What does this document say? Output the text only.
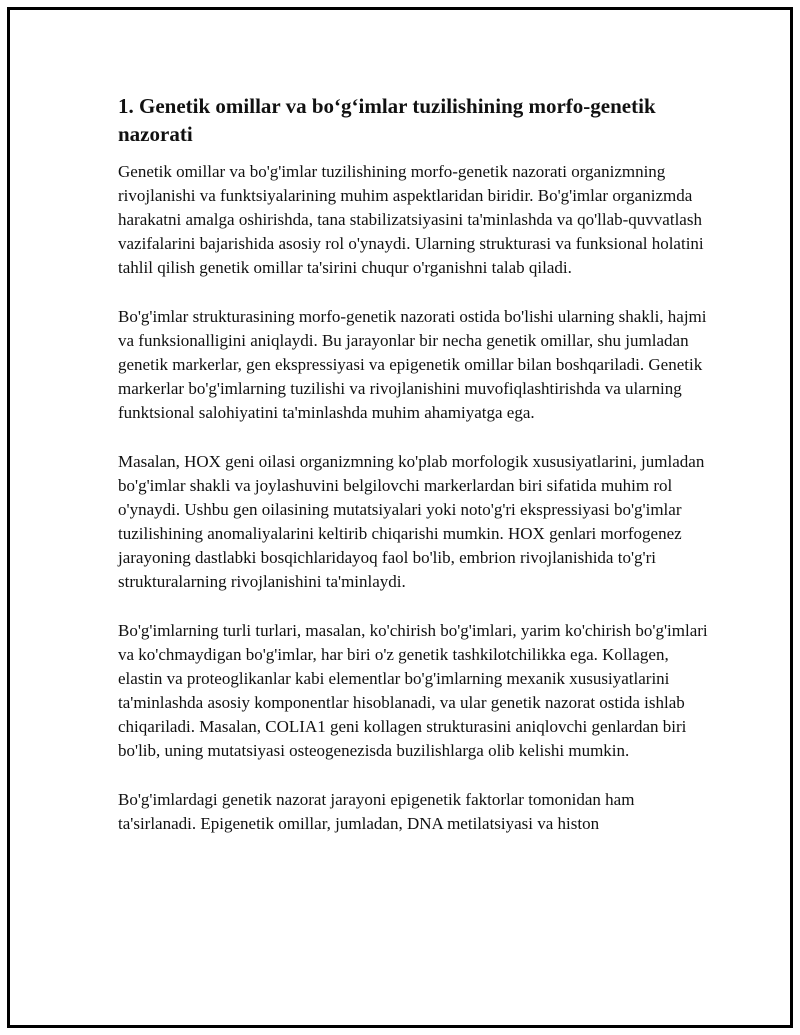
1. Genetik omillar va bo‘g‘imlar tuzilishining morfo-genetik nazorati

Genetik omillar va bo'g'imlar tuzilishining morfo-genetik nazorati organizmning rivojlanishi va funktsiyalarining muhim aspektlaridan biridir. Bo'g'imlar organizmda harakatni amalga oshirishda, tana stabilizatsiyasini ta'minlashda va qo'llab-quvvatlash vazifalarini bajarishida asosiy rol o'ynaydi. Ularning strukturasi va funksional holatini tahlil qilish genetik omillar ta'sirini chuqur o'rganishni talab qiladi.

Bo'g'imlar strukturasining morfo-genetik nazorati ostida bo'lishi ularning shakli, hajmi va funksionalligini aniqlaydi. Bu jarayonlar bir necha genetik omillar, shu jumladan genetik markerlar, gen ekspressiyasi va epigenetik omillar bilan boshqariladi. Genetik markerlar bo'g'imlarning tuzilishi va rivojlanishini muvofiqlashtirishda va ularning funktsional salohiyatini ta'minlashda muhim ahamiyatga ega.

Masalan, HOX geni oilasi organizmning ko'plab morfologik xususiyatlarini, jumladan bo'g'imlar shakli va joylashuvini belgilovchi markerlardan biri sifatida muhim rol o'ynaydi. Ushbu gen oilasining mutatsiyalari yoki noto'g'ri ekspressiyasi bo'g'imlar tuzilishining anomaliyalarini keltirib chiqarishi mumkin. HOX genlari morfogenez jarayoning dastlabki bosqichlaridayoq faol bo'lib, embrion rivojlanishida to'g'ri strukturalarning rivojlanishini ta'minlaydi.

Bo'g'imlarning turli turlari, masalan, ko'chirish bo'g'imlari, yarim ko'chirish bo'g'imlari va ko'chmaydigan bo'g'imlar, har biri o'z genetik tashkilotchilikka ega. Kollagen, elastin va proteoglikanlar kabi elementlar bo'g'imlarning mexanik xususiyatlarini ta'minlashda asosiy komponentlar hisoblanadi, va ular genetik nazorat ostida ishlab chiqariladi. Masalan, COLIA1 geni kollagen strukturasini aniqlovchi genlardan biri bo'lib, uning mutatsiyasi osteogenezisda buzilishlarga olib kelishi mumkin.

Bo'g'imlardagi genetik nazorat jarayoni epigenetik faktorlar tomonidan ham ta'sirlanadi. Epigenetik omillar, jumladan, DNA metilatsiyasi va histon
